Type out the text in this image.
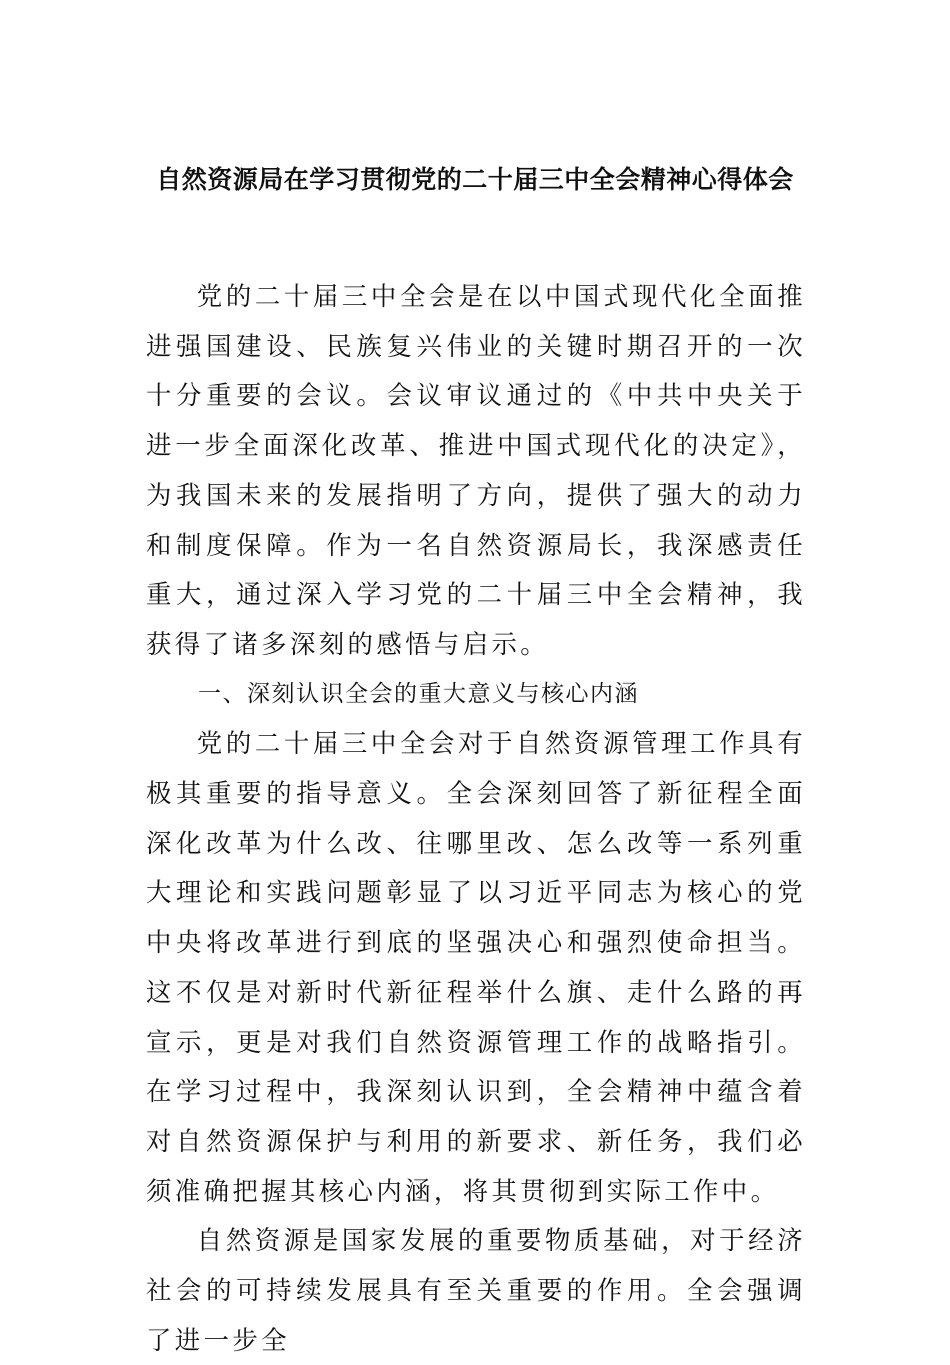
自然资源局在学习贯彻党的二十届三中全会精神心得体会

党的二十届三中全会是在以中国式现代化全面推进强国建设、民族复兴伟业的关键时期召开的一次十分重要的会议。会议审议通过的《中共中央关于进一步全面深化改革、推进中国式现代化的决定》，为我国未来的发展指明了方向，提供了强大的动力和制度保障。作为一名自然资源局长，我深感责任重大，通过深入学习党的二十届三中全会精神，我获得了诸多深刻的感悟与启示。

一、深刻认识全会的重大意义与核心内涵

党的二十届三中全会对于自然资源管理工作具有极其重要的指导意义。全会深刻回答了新征程全面深化改革为什么改、往哪里改、怎么改等一系列重大理论和实践问题彰显了以习近平同志为核心的党中央将改革进行到底的坚强决心和强烈使命担当。这不仅是对新时代新征程举什么旗、走什么路的再宣示，更是对我们自然资源管理工作的战略指引。在学习过程中，我深刻认识到，全会精神中蕴含着对自然资源保护与利用的新要求、新任务，我们必须准确把握其核心内涵，将其贯彻到实际工作中。

自然资源是国家发展的重要物质基础，对于经济社会的可持续发展具有至关重要的作用。全会强调了进一步全
